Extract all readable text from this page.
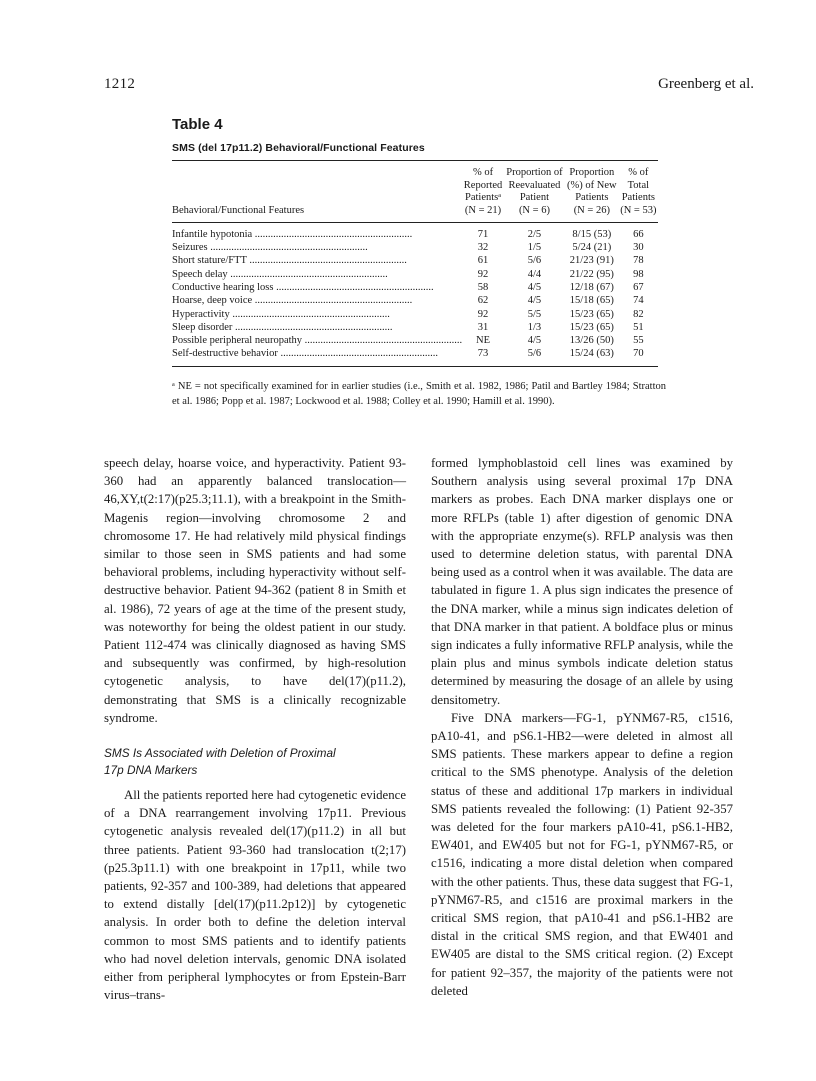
1212	Greenberg et al.
Table 4
SMS (del 17p11.2) Behavioral/Functional Features
Behavioral/Functional Features	% of
Reported
Patientsᵃ
(N = 21)	Proportion of
Reevaluated
Patient
(N = 6)	Proportion
(%) of New
Patients
(N = 26)	% of
Total
Patients
(N = 53)

Infantile hypotonia ............................................................	71	2/5	8/15 (53)	66
Seizures ............................................................	32	1/5	5/24 (21)	30
Short stature/FTT ............................................................	61	5/6	21/23 (91)	78
Speech delay ............................................................	92	4/4	21/22 (95)	98
Conductive hearing loss ............................................................	58	4/5	12/18 (67)	67
Hoarse, deep voice ............................................................	62	4/5	15/18 (65)	74
Hyperactivity ............................................................	92	5/5	15/23 (65)	82
Sleep disorder ............................................................	31	1/3	15/23 (65)	51
Possible peripheral neuropathy ............................................................	NE	4/5	13/26 (50)	55
Self-destructive behavior ............................................................	73	5/6	15/24 (63)	70
ᵃ NE = not specifically examined for in earlier studies (i.e., Smith et al. 1982, 1986; Patil and Bartley 1984; Stratton et al. 1986; Popp et al. 1987; Lockwood et al. 1988; Colley et al. 1990; Hamill et al. 1990).

speech delay, hoarse voice, and hyperactivity. Patient 93-360 had an apparently balanced translocation—46,XY,t(2:17)(p25.3;11.1), with a breakpoint in the Smith-Magenis region—involving chromosome 2 and chromosome 17. He had relatively mild physical findings similar to those seen in SMS patients and had some behavioral problems, including hyperactivity without self-destructive behavior. Patient 94-362 (patient 8 in Smith et al. 1986), 72 years of age at the time of the present study, was noteworthy for being the oldest patient in our study. Patient 112-474 was clinically diagnosed as having SMS and subsequently was confirmed, by high-resolution cytogenetic analysis, to have del(17)(p11.2), demonstrating that SMS is a clinically recognizable syndrome.

SMS Is Associated with Deletion of Proximal
17p DNA Markers

All the patients reported here had cytogenetic evidence of a DNA rearrangement involving 17p11. Previous cytogenetic analysis revealed del(17)(p11.2) in all but three patients. Patient 93-360 had translocation t(2;17)(p25.3p11.1) with one breakpoint in 17p11, while two patients, 92-357 and 100-389, had deletions that appeared to extend distally [del(17)(p11.2p12)] by cytogenetic analysis. In order both to define the deletion interval common to most SMS patients and to identify patients who had novel deletion intervals, genomic DNA isolated either from peripheral lymphocytes or from Epstein-Barr virus–trans-

formed lymphoblastoid cell lines was examined by Southern analysis using several proximal 17p DNA markers as probes. Each DNA marker displays one or more RFLPs (table 1) after digestion of genomic DNA with the appropriate enzyme(s). RFLP analysis was then used to determine deletion status, with parental DNA being used as a control when it was available. The data are tabulated in figure 1. A plus sign indicates the presence of the DNA marker, while a minus sign indicates deletion of that DNA marker in that patient. A boldface plus or minus sign indicates a fully informative RFLP analysis, while the plain plus and minus symbols indicate deletion status determined by measuring the dosage of an allele by using densitometry.

Five DNA markers—FG-1, pYNM67-R5, c1516, pA10-41, and pS6.1-HB2—were deleted in almost all SMS patients. These markers appear to define a region critical to the SMS phenotype. Analysis of the deletion status of these and additional 17p markers in individual SMS patients revealed the following: (1) Patient 92-357 was deleted for the four markers pA10-41, pS6.1-HB2, EW401, and EW405 but not for FG-1, pYNM67-R5, or c1516, indicating a more distal deletion when compared with the other patients. Thus, these data suggest that FG-1, pYNM67-R5, and c1516 are proximal markers in the critical SMS region, that pA10-41 and pS6.1-HB2 are distal in the critical SMS region, and that EW401 and EW405 are distal to the SMS critical region. (2) Except for patient 92–357, the majority of the patients were not deleted
